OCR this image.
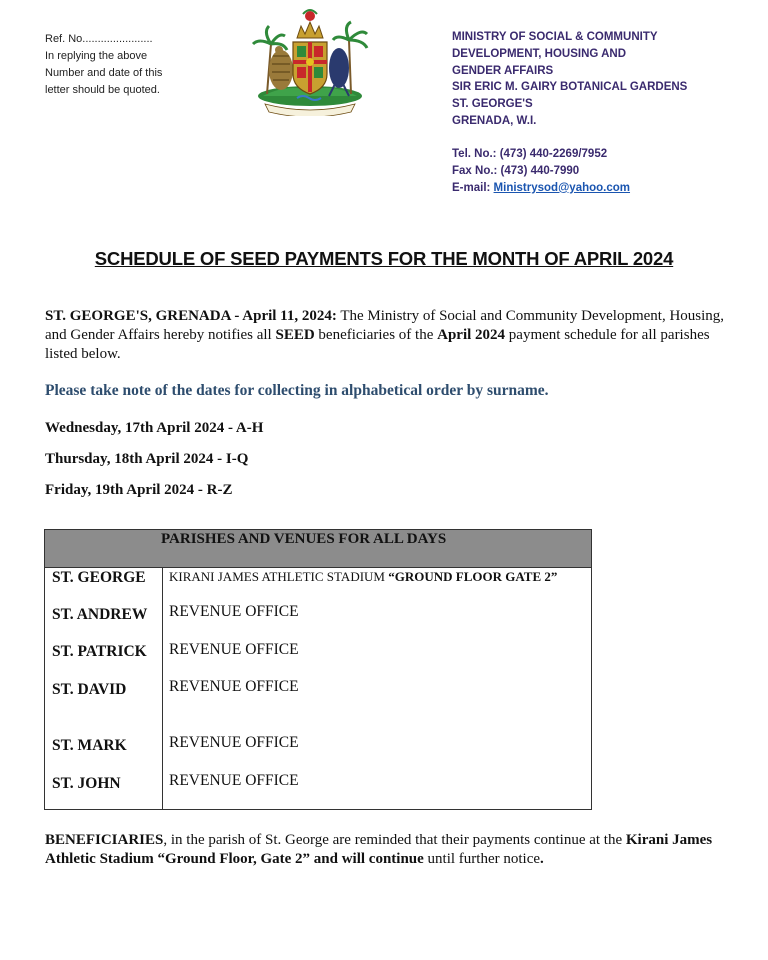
Ref. No.......................
In replying the above
Number and date of this
letter should be quoted.
MINISTRY OF SOCIAL & COMMUNITY
DEVELOPMENT, HOUSING AND
GENDER AFFAIRS
SIR ERIC M. GAIRY BOTANICAL GARDENS
ST. GEORGE'S
GRENADA, W.I.
Tel. No.: (473) 440-2269/7952
Fax No.: (473) 440-7990
E-mail: Ministrysod@yahoo.com
SCHEDULE OF SEED PAYMENTS FOR THE MONTH OF APRIL 2024
ST. GEORGE'S, GRENADA - April 11, 2024: The Ministry of Social and Community Development, Housing, and Gender Affairs hereby notifies all SEED beneficiaries of the April 2024 payment schedule for all parishes listed below.
Please take note of the dates for collecting in alphabetical order by surname.
Wednesday, 17th April 2024 - A-H
Thursday, 18th April 2024 - I-Q
Friday, 19th April 2024 - R-Z
PARISHES AND VENUES FOR ALL DAYS
ST. GEORGE KIRANI JAMES ATHLETIC STADIUM “GROUND FLOOR GATE 2”
ST. ANDREW REVENUE OFFICE
ST. PATRICK REVENUE OFFICE
ST. DAVID	REVENUE OFFICE
ST. MARK	REVENUE OFFICE
ST. JOHN	REVENUE OFFICE
BENEFICIARIES, in the parish of St. George are reminded that their payments continue at the Kirani James Athletic Stadium “Ground Floor, Gate 2” and will continue until further notice.
